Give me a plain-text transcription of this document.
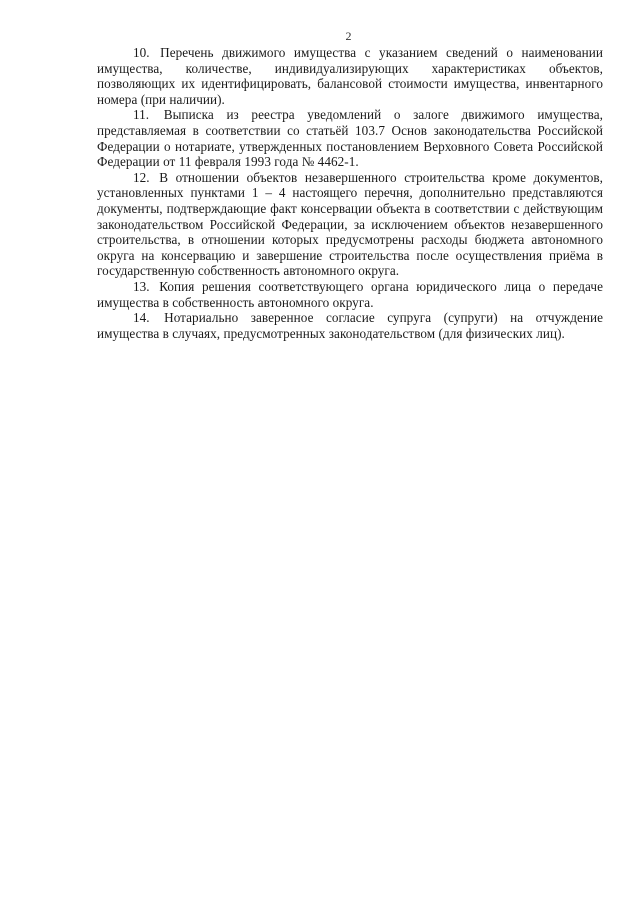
2

10. Перечень движимого имущества с указанием сведений о наименовании имущества, количестве, индивидуализирующих характеристиках объектов, позволяющих их идентифицировать, балансовой стоимости имущества, инвентарного номера (при наличии).

11. Выписка из реестра уведомлений о залоге движимого имущества, представляемая в соответствии со статьёй 103.7 Основ законодательства Российской Федерации о нотариате, утвержденных постановлением Верховного Совета Российской Федерации от 11 февраля 1993 года № 4462-1.

12. В отношении объектов незавершенного строительства кроме документов, установленных пунктами 1 – 4 настоящего перечня, дополнительно представляются документы, подтверждающие факт консервации объекта в соответствии с действующим законодательством Российской Федерации, за исключением объектов незавершенного строительства, в отношении которых предусмотрены расходы бюджета автономного округа на консервацию и завершение строительства после осуществления приёма в государственную собственность автономного округа.

13. Копия решения соответствующего органа юридического лица о передаче имущества в собственность автономного округа.

14. Нотариально заверенное согласие супруга (супруги) на отчуждение имущества в случаях, предусмотренных законодательством (для физических лиц).
